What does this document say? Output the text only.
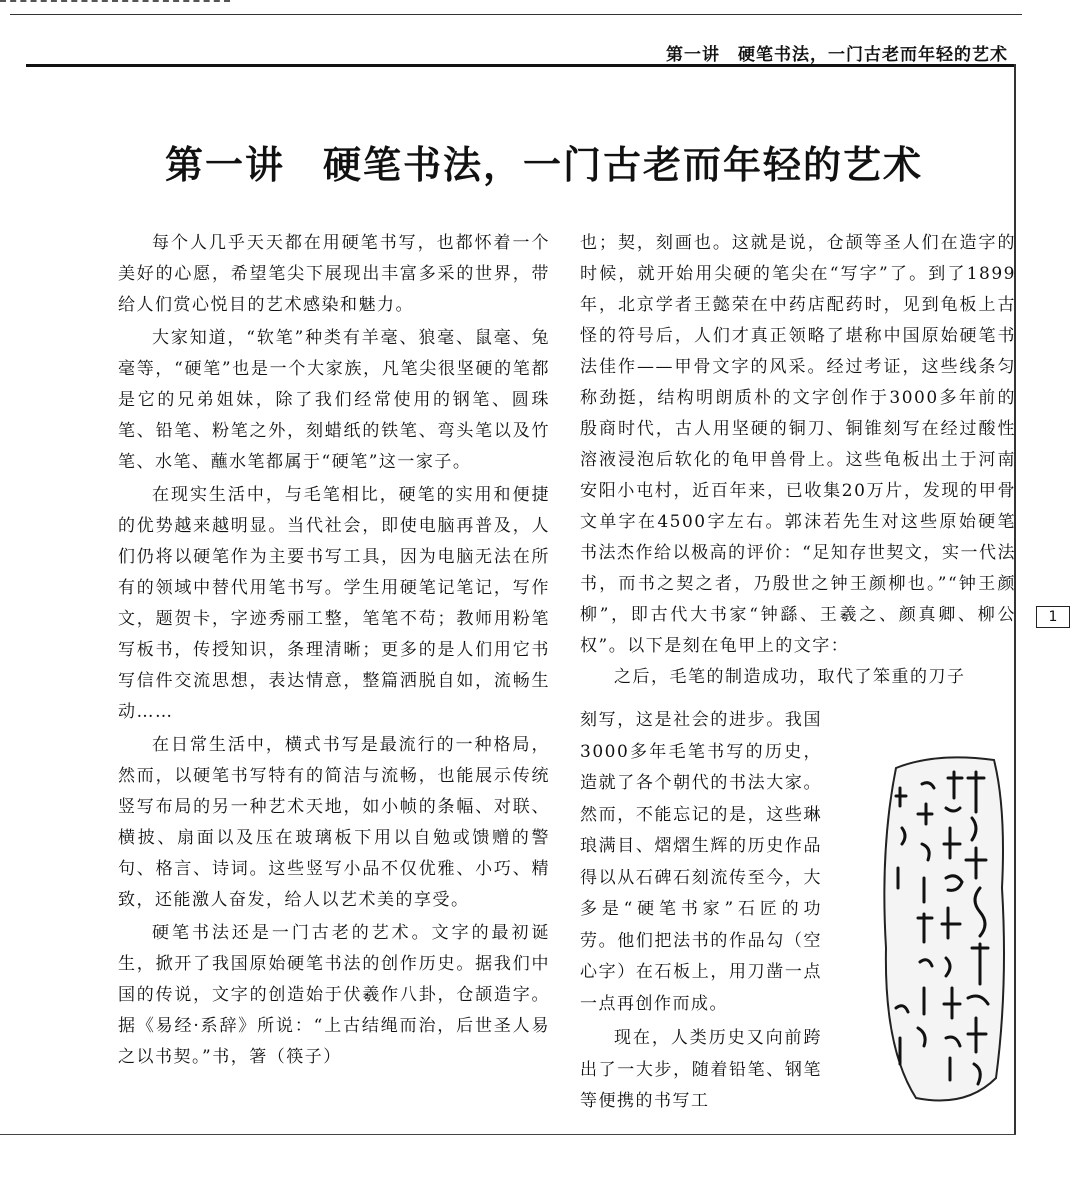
第一讲　硬笔书法，一门古老而年轻的艺术
第一讲 硬笔书法，一门古老而年轻的艺术

每个人几乎天天都在用硬笔书写，也都怀着一个美好的心愿，希望笔尖下展现出丰富多采的世界，带给人们赏心悦目的艺术感染和魅力。

大家知道，“软笔”种类有羊毫、狼毫、鼠毫、兔毫等，“硬笔”也是一个大家族，凡笔尖很坚硬的笔都是它的兄弟姐妹，除了我们经常使用的钢笔、圆珠笔、铅笔、粉笔之外，刻蜡纸的铁笔、弯头笔以及竹笔、水笔、蘸水笔都属于“硬笔”这一家子。

在现实生活中，与毛笔相比，硬笔的实用和便捷的优势越来越明显。当代社会，即使电脑再普及，人们仍将以硬笔作为主要书写工具，因为电脑无法在所有的领域中替代用笔书写。学生用硬笔记笔记，写作文，题贺卡，字迹秀丽工整，笔笔不苟；教师用粉笔写板书，传授知识，条理清晰；更多的是人们用它书写信件交流思想，表达情意，整篇洒脱自如，流畅生动……

在日常生活中，横式书写是最流行的一种格局，然而，以硬笔书写特有的简洁与流畅，也能展示传统竖写布局的另一种艺术天地，如小帧的条幅、对联、横披、扇面以及压在玻璃板下用以自勉或馈赠的警句、格言、诗词。这些竖写小品不仅优雅、小巧、精致，还能激人奋发，给人以艺术美的享受。

硬笔书法还是一门古老的艺术。文字的最初诞生，掀开了我国原始硬笔书法的创作历史。据我们中国的传说，文字的创造始于伏羲作八卦，仓颉造字。据《易经·系辞》所说：“上古结绳而治，后世圣人易之以书契。”书，箸（筷子）

也；契，刻画也。这就是说，仓颉等圣人们在造字的时候，就开始用尖硬的笔尖在“写字”了。到了1899年，北京学者王懿荣在中药店配药时，见到龟板上古怪的符号后，人们才真正领略了堪称中国原始硬笔书法佳作——甲骨文字的风采。经过考证，这些线条匀称劲挺，结构明朗质朴的文字创作于3000多年前的殷商时代，古人用坚硬的铜刀、铜锥刻写在经过酸性溶液浸泡后软化的龟甲兽骨上。这些龟板出土于河南安阳小屯村，近百年来，已收集20万片，发现的甲骨文单字在4500字左右。郭沫若先生对这些原始硬笔书法杰作给以极高的评价：“足知存世契文，实一代法书，而书之契之者，乃殷世之钟王颜柳也。”“钟王颜柳”，即古代大书家“钟繇、王羲之、颜真卿、柳公权”。以下是刻在龟甲上的文字：

之后，毛笔的制造成功，取代了笨重的刀子

刻写，这是社会的进步。我国3000多年毛笔书写的历史，造就了各个朝代的书法大家。然而，不能忘记的是，这些琳琅满目、熠熠生辉的历史作品得以从石碑石刻流传至今，大多是“硬笔书家”石匠的功劳。他们把法书的作品勾（空心字）在石板上，用刀凿一点一点再创作而成。

现在，人类历史又向前跨出了一大步，随着铅笔、钢笔等便携的书写工

1
